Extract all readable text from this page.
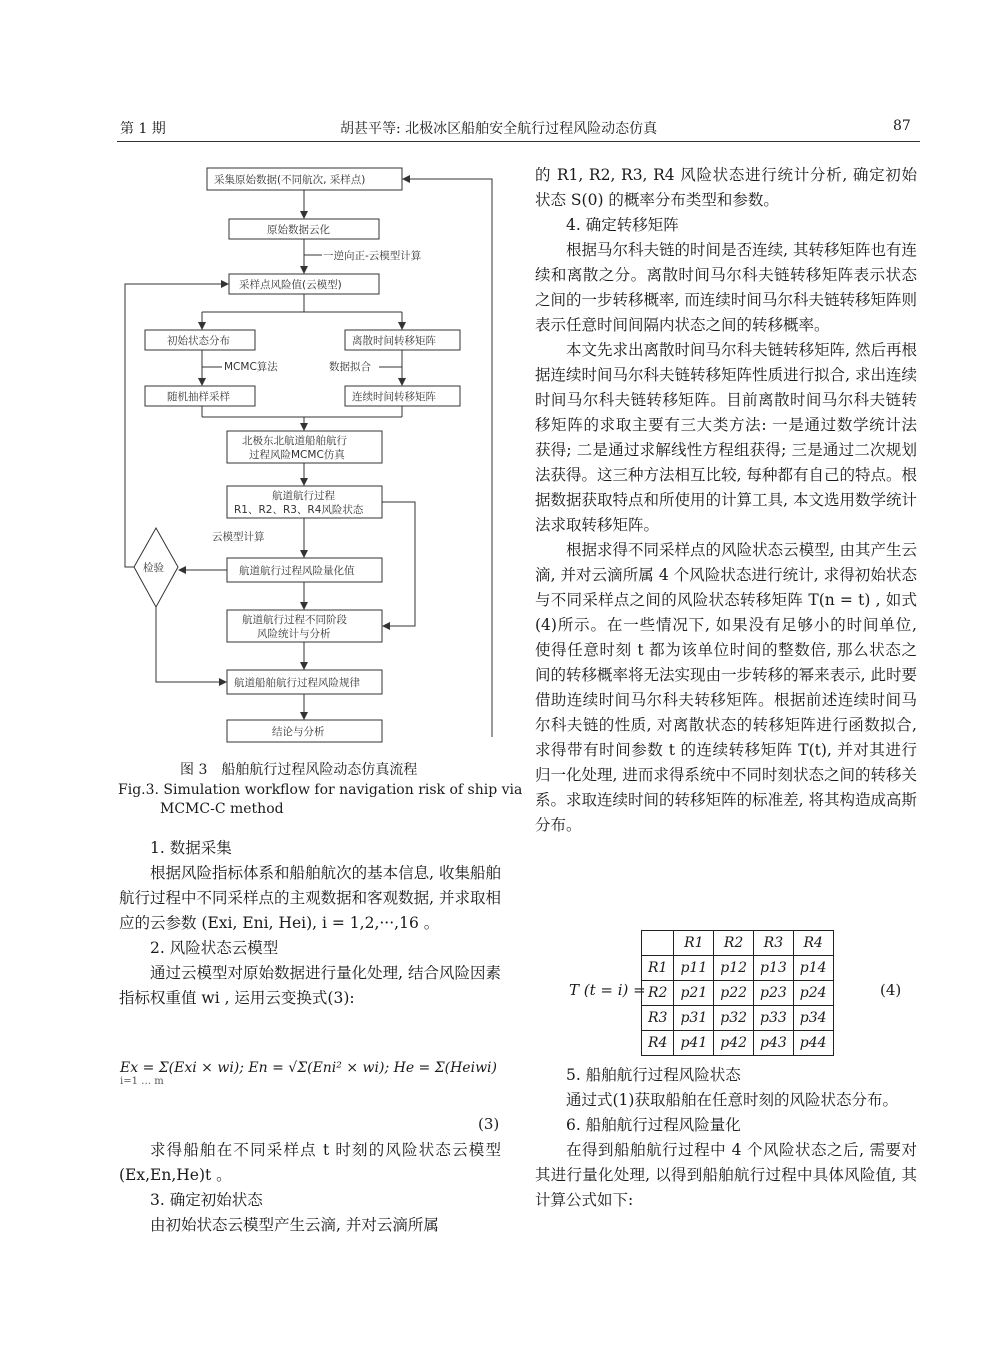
第 1 期	胡甚平等: 北极冰区船舶安全航行过程风险动态仿真	87
采集原始数据(不同航次, 采样点)
原始数据云化
一逆向正-云模型计算
采样点风险值(云模型)
初始状态分布	离散时间转移矩阵
MCMC算法	数据拟合
随机抽样采样	连续时间转移矩阵
北极东北航道船舶航行
过程风险MCMC仿真
航道航行过程
R1、R2、R3、R4风险状态
云模型计算
航道航行过程风险量化值
检验
航道航行过程不同阶段
风险统计与分析
航道船舶航行过程风险规律
结论与分析
图 3　船舶航行过程风险动态仿真流程
Fig.3. Simulation workflow for navigation risk of ship via
MCMC-C method

1. 数据采集

根据风险指标体系和船舶航次的基本信息, 收集船舶航行过程中不同采样点的主观数据和客观数据, 并求取相应的云参数 (Exi, Eni, Hei), i = 1,2,···,16 。

2. 风险状态云模型

通过云模型对原始数据进行量化处理, 结合风险因素指标权重值 wi , 运用云变换式(3):

Ex = Σ(Exi × wi); En = √Σ(Eni² × wi); He = Σ(Heiwi)
i=1 … m
(3)

求得船舶在不同采样点 t 时刻的风险状态云模型 (Ex,En,He)t 。

3. 确定初始状态

由初始状态云模型产生云滴, 并对云滴所属

的 R1, R2, R3, R4 风险状态进行统计分析, 确定初始状态 S(0) 的概率分布类型和参数。

4. 确定转移矩阵

根据马尔科夫链的时间是否连续, 其转移矩阵也有连续和离散之分。离散时间马尔科夫链转移矩阵表示状态之间的一步转移概率, 而连续时间马尔科夫链转移矩阵则表示任意时间间隔内状态之间的转移概率。

本文先求出离散时间马尔科夫链转移矩阵, 然后再根据连续时间马尔科夫链转移矩阵性质进行拟合, 求出连续时间马尔科夫链转移矩阵。目前离散时间马尔科夫链转移矩阵的求取主要有三大类方法: 一是通过数学统计法获得; 二是通过求解线性方程组获得; 三是通过二次规划法获得。这三种方法相互比较, 每种都有自己的特点。根据数据获取特点和所使用的计算工具, 本文选用数学统计法求取转移矩阵。

根据求得不同采样点的风险状态云模型, 由其产生云滴, 并对云滴所属 4 个风险状态进行统计, 求得初始状态与不同采样点之间的风险状态转移矩阵 T(n = t) , 如式(4)所示。在一些情况下, 如果没有足够小的时间单位, 使得任意时刻 t 都为该单位时间的整数倍, 那么状态之间的转移概率将无法实现由一步转移的幂来表示, 此时要借助连续时间马尔科夫转移矩阵。根据前述连续时间马尔科夫链的性质, 对离散状态的转移矩阵进行函数拟合, 求得带有时间参数 t 的连续转移矩阵 T(t), 并对其进行归一化处理, 进而求得系统中不同时刻状态之间的转移关系。求取连续时间的转移矩阵的标准差, 将其构造成高斯分布。

T (t = i) =
	R1	R2	R3	R4
R1	p11	p12	p13	p14
R2	p21	p22	p23	p24
R3	p31	p32	p33	p34
R4	p41	p42	p43	p44
(4)

5. 船舶航行过程风险状态

通过式(1)获取船舶在任意时刻的风险状态分布。

6. 船舶航行过程风险量化

在得到船舶航行过程中 4 个风险状态之后, 需要对其进行量化处理, 以得到船舶航行过程中具体风险值, 其计算公式如下:
